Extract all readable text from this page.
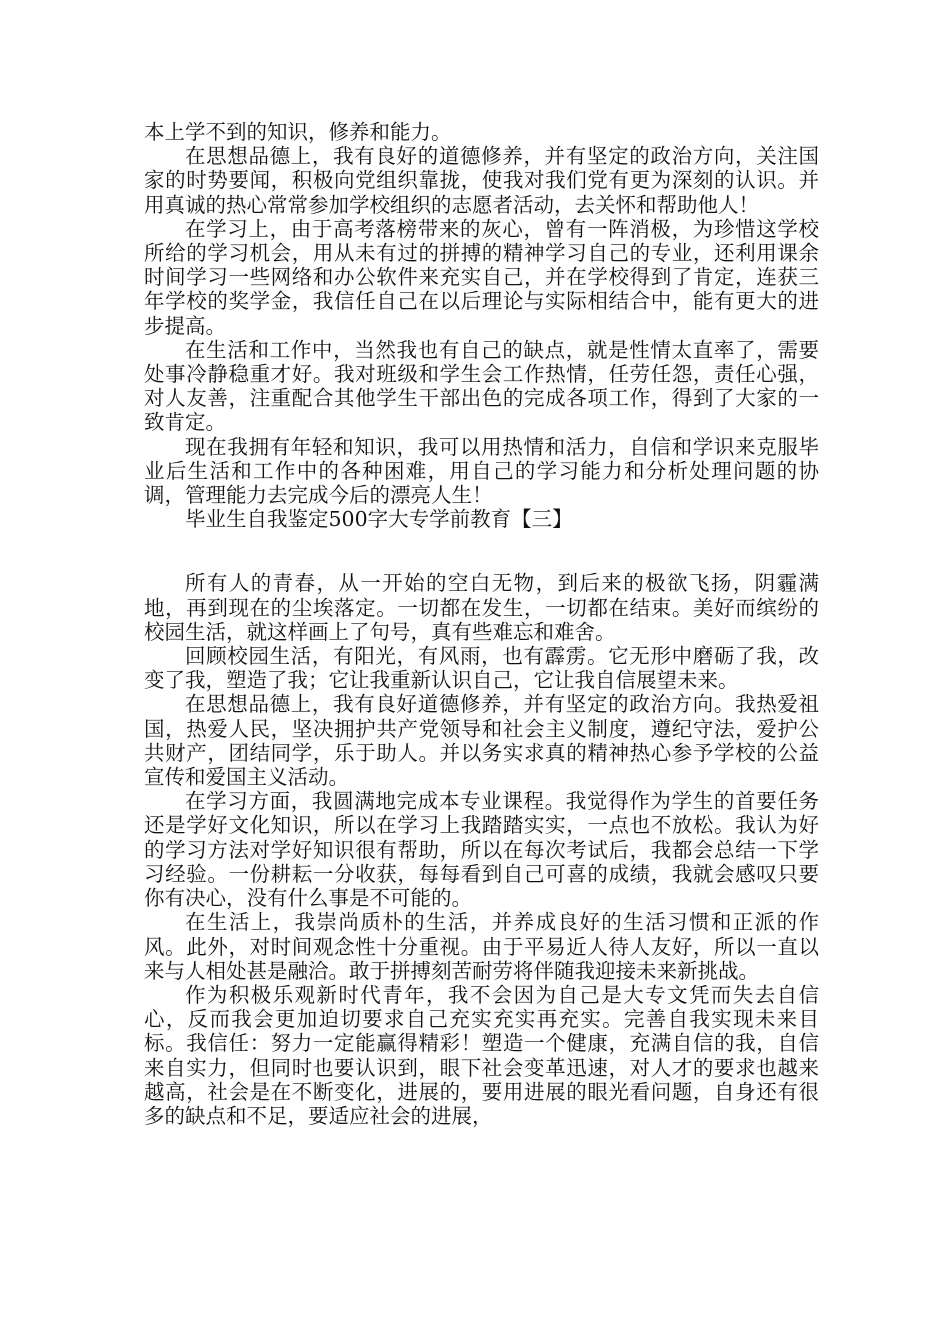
本上学不到的知识，修养和能力。

在思想品德上，我有良好的道德修养，并有坚定的政治方向，关注国家的时势要闻，积极向党组织靠拢，使我对我们党有更为深刻的认识。并用真诚的热心常常参加学校组织的志愿者活动，去关怀和帮助他人！

在学习上，由于高考落榜带来的灰心，曾有一阵消极，为珍惜这学校所给的学习机会，用从未有过的拼搏的精神学习自己的专业，还利用课余时间学习一些网络和办公软件来充实自己，并在学校得到了肯定，连获三年学校的奖学金，我信任自己在以后理论与实际相结合中，能有更大的进步提高。

在生活和工作中，当然我也有自己的缺点，就是性情太直率了，需要处事冷静稳重才好。我对班级和学生会工作热情，任劳任怨，责任心强，对人友善，注重配合其他学生干部出色的完成各项工作，得到了大家的一致肯定。

现在我拥有年轻和知识，我可以用热情和活力，自信和学识来克服毕业后生活和工作中的各种困难，用自己的学习能力和分析处理问题的协调，管理能力去完成今后的漂亮人生！

毕业生自我鉴定500字大专学前教育【三】

所有人的青春，从一开始的空白无物，到后来的极欲飞扬，阴霾满地，再到现在的尘埃落定。一切都在发生，一切都在结束。美好而缤纷的校园生活，就这样画上了句号，真有些难忘和难舍。

回顾校园生活，有阳光，有风雨，也有霹雳。它无形中磨砺了我，改变了我，塑造了我；它让我重新认识自己，它让我自信展望未来。

在思想品德上，我有良好道德修养，并有坚定的政治方向。我热爱祖国，热爱人民，坚决拥护共产党领导和社会主义制度，遵纪守法，爱护公共财产，团结同学，乐于助人。并以务实求真的精神热心参予学校的公益宣传和爱国主义活动。

在学习方面，我圆满地完成本专业课程。我觉得作为学生的首要任务还是学好文化知识，所以在学习上我踏踏实实，一点也不放松。我认为好的学习方法对学好知识很有帮助，所以在每次考试后，我都会总结一下学习经验。一份耕耘一分收获，每每看到自己可喜的成绩，我就会感叹只要你有决心，没有什么事是不可能的。

在生活上，我崇尚质朴的生活，并养成良好的生活习惯和正派的作风。此外，对时间观念性十分重视。由于平易近人待人友好，所以一直以来与人相处甚是融洽。敢于拼搏刻苦耐劳将伴随我迎接未来新挑战。

作为积极乐观新时代青年，我不会因为自己是大专文凭而失去自信心，反而我会更加迫切要求自己充实充实再充实。完善自我实现未来目标。我信任：努力一定能赢得精彩！塑造一个健康，充满自信的我，自信来自实力，但同时也要认识到，眼下社会变革迅速，对人才的要求也越来越高，社会是在不断变化，进展的，要用进展的眼光看问题，自身还有很多的缺点和不足，要适应社会的进展，
